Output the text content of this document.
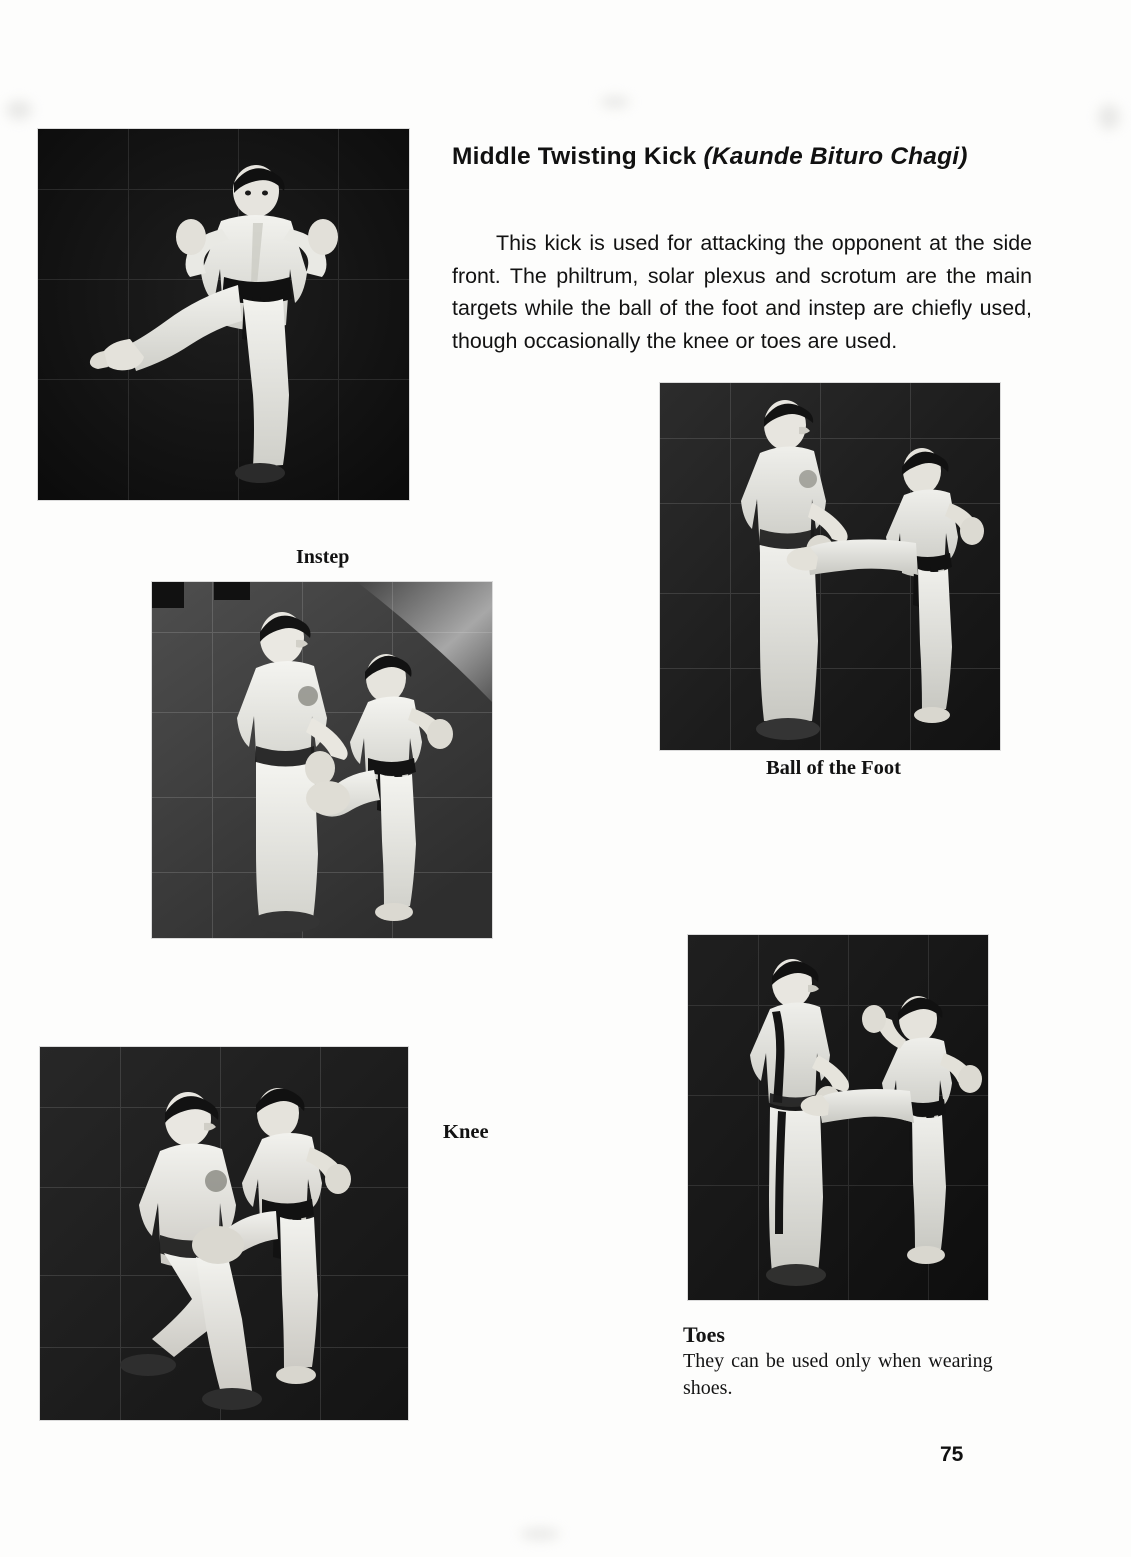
Middle Twisting Kick (Kaunde Bituro Chagi)

This kick is used for attacking the opponent at the side front. The philtrum, solar plexus and scrotum are the main targets while the ball of the foot and instep are chiefly used, though occasionally the knee or toes are used.

Instep
Ball of the Foot
Knee
Toes
They can be used only when wearing shoes.
75
